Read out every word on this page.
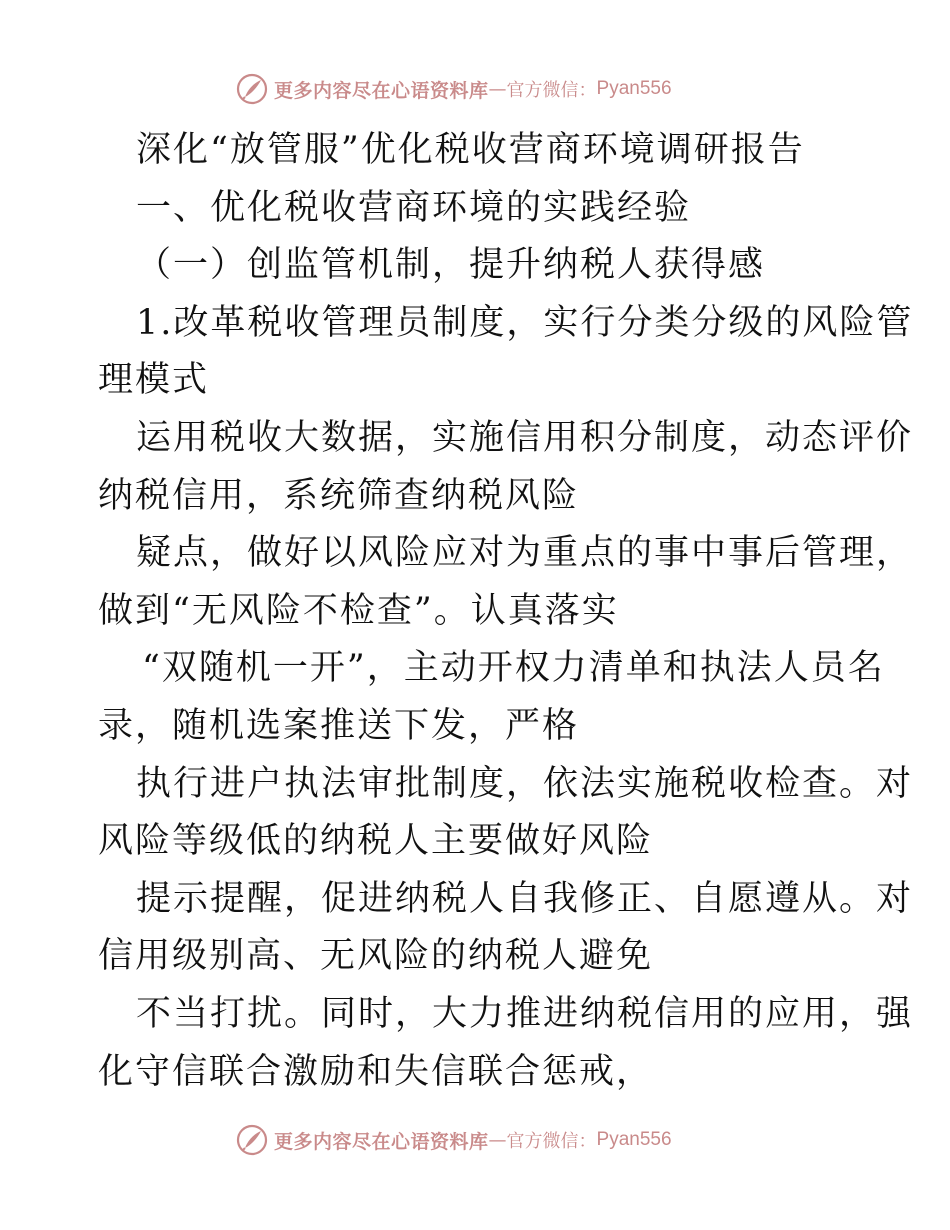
更多内容尽在心语资料库 — 官方微信： Pyan556
深化“放管服”优化税收营商环境调研报告
一、优化税收营商环境的实践经验
（一）创监管机制，提升纳税人获得感
1.改革税收管理员制度，实行分类分级的风险管
理模式
运用税收大数据，实施信用积分制度，动态评价
纳税信用，系统筛查纳税风险
疑点，做好以风险应对为重点的事中事后管理，
做到“无风险不检查”。认真落实
“双随机一开”，主动开权力清单和执法人员名
录，随机选案推送下发，严格
执行进户执法审批制度，依法实施税收检查。对
风险等级低的纳税人主要做好风险
提示提醒，促进纳税人自我修正、自愿遵从。对
信用级别高、无风险的纳税人避免
不当打扰。同时，大力推进纳税信用的应用，强
化守信联合激励和失信联合惩戒，
更多内容尽在心语资料库 — 官方微信： Pyan556
